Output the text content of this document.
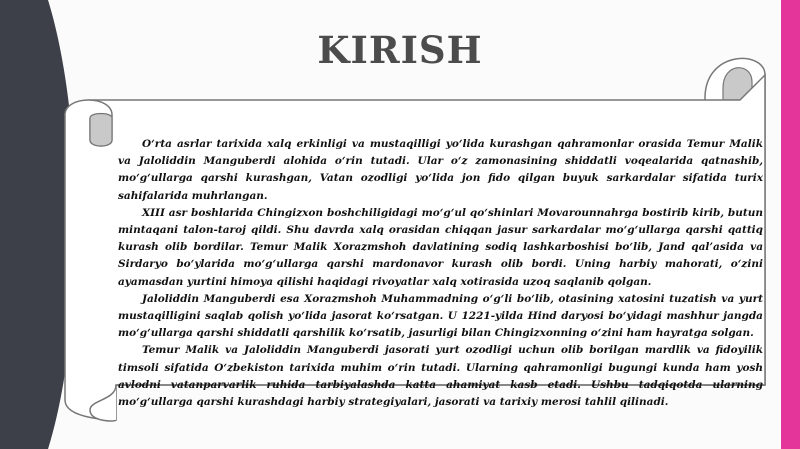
KIRISH

O‘rta asrlar tarixida xalq erkinligi va mustaqilligi yo‘lida kurashgan qahramonlar orasida Temur Malik va Jaloliddin Manguberdi alohida o‘rin tutadi. Ular o‘z zamonasining shiddatli voqealarida qatnashib, mo‘g‘ullarga qarshi kurashgan, Vatan ozodligi yo‘lida jon fido qilgan buyuk sarkardalar sifatida turix sahifalarida muhrlangan.

XIII asr boshlarida Chingizxon boshchiligidagi mo‘g‘ul qo‘shinlari Movarounnahrga bostirib kirib, butun mintaqani talon-taroj qildi. Shu davrda xalq orasidan chiqqan jasur sarkardalar mo‘g‘ullarga qarshi qattiq kurash olib bordilar. Temur Malik Xorazmshoh davlatining sodiq lashkarboshisi bo‘lib, Jand qal’asida va Sirdaryo bo‘ylarida mo‘g‘ullarga qarshi mardonavor kurash olib bordi. Uning harbiy mahorati, o‘zini ayamasdan yurtini himoya qilishi haqidagi rivoyatlar xalq xotirasida uzoq saqlanib qolgan.

Jaloliddin Manguberdi esa Xorazmshoh Muhammadning o‘g‘li bo‘lib, otasining xatosini tuzatish va yurt mustaqilligini saqlab qolish yo‘lida jasorat ko‘rsatgan. U 1221-yilda Hind daryosi bo‘yidagi mashhur jangda mo‘g‘ullarga qarshi shiddatli qarshilik ko‘rsatib, jasurligi bilan Chingizxonning o‘zini ham hayratga solgan.

Temur Malik va Jaloliddin Manguberdi jasorati yurt ozodligi uchun olib borilgan mardlik va fidoyilik timsoli sifatida O‘zbekiston tarixida muhim o‘rin tutadi. Ularning qahramonligi bugungi kunda ham yosh avlodni vatanparvarlik ruhida tarbiyalashda katta ahamiyat kasb etadi. Ushbu tadqiqotda ularning mo‘g‘ullarga qarshi kurashdagi harbiy strategiyalari, jasorati va tarixiy merosi tahlil qilinadi.
